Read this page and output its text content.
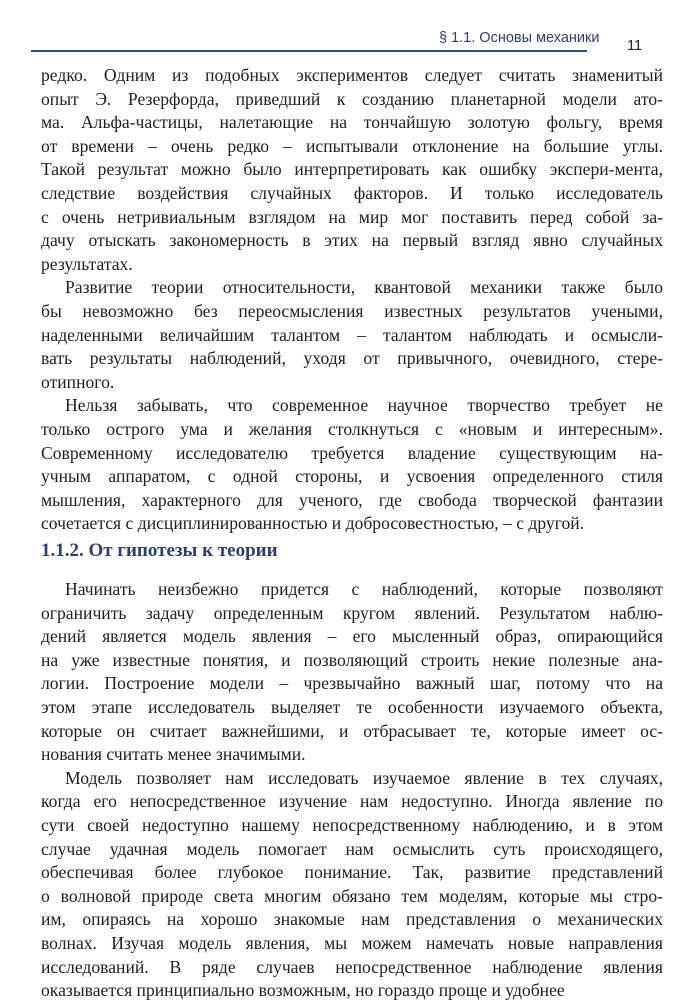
§ 1.1. Основы механики 11
редко. Одним из подобных экспериментов следует считать знаменитый
опыт Э. Резерфорда, приведший к созданию планетарной модели ато-
ма. Альфа-частицы, налетающие на тончайшую золотую фольгу, время
от времени – очень редко – испытывали отклонение на большие углы.
Такой результат можно было интерпретировать как ошибку экспери-мента,
следствие воздействия случайных факторов. И только исследователь
с очень нетривиальным взглядом на мир мог поставить перед собой за-
дачу отыскать закономерность в этих на первый взгляд явно случайных
результатах.
Развитие теории относительности, квантовой механики также было
бы невозможно без переосмысления известных результатов учеными,
наделенными величайшим талантом – талантом наблюдать и осмысли-
вать результаты наблюдений, уходя от привычного, очевидного, стере-
отипного.
Нельзя забывать, что современное научное творчество требует не
только острого ума и желания столкнуться с «новым и интересным».
Современному исследователю требуется владение существующим на-
учным аппаратом, с одной стороны, и усвоения определенного стиля
мышления, характерного для ученого, где свобода творческой фантазии
сочетается с дисциплинированностью и добросовестностью, – с другой.
1.1.2. От гипотезы к теории
Начинать неизбежно придется с наблюдений, которые позволяют
ограничить задачу определенным кругом явлений. Результатом наблю-
дений является модель явления – его мысленный образ, опирающийся
на уже известные понятия, и позволяющий строить некие полезные ана-
логии. Построение модели – чрезвычайно важный шаг, потому что на
этом этапе исследователь выделяет те особенности изучаемого объекта,
которые он считает важнейшими, и отбрасывает те, которые имеет ос-
нования считать менее значимыми.
Модель позволяет нам исследовать изучаемое явление в тех случаях,
когда его непосредственное изучение нам недоступно. Иногда явление по
сути своей недоступно нашему непосредственному наблюдению, и в этом
случае удачная модель помогает нам осмыслить суть происходящего,
обеспечивая более глубокое понимание. Так, развитие представлений
о волновой природе света многим обязано тем моделям, которые мы стро-
им, опираясь на хорошо знакомые нам представления о механических
волнах. Изучая модель явления, мы можем намечать новые направления
исследований. В ряде случаев непосредственное наблюдение явления
оказывается принципиально возможным, но гораздо проще и удобнее
